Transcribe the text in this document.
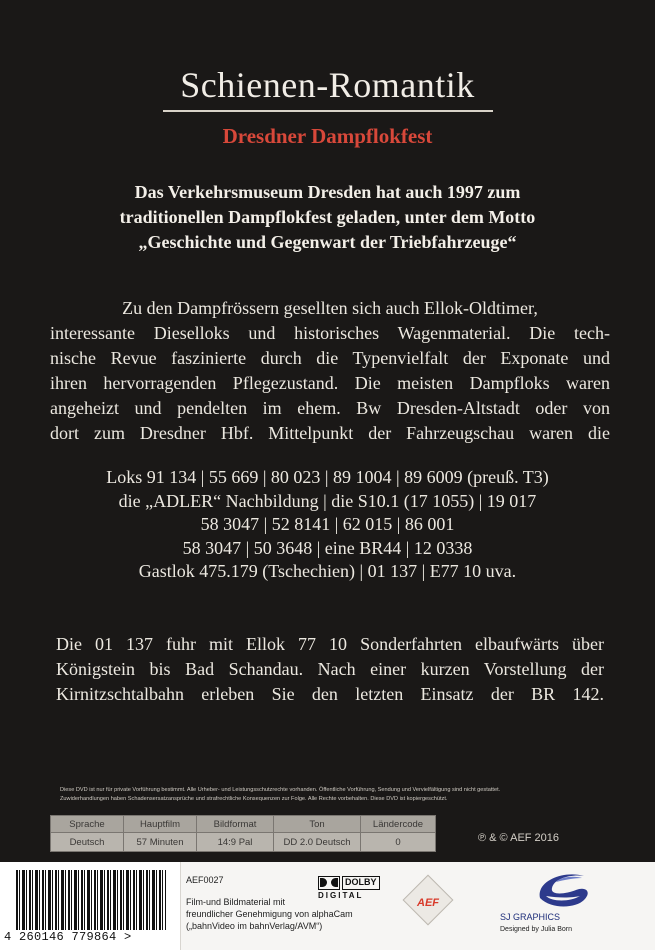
Schienen-Romantik
Dresdner Dampflokfest
Das Verkehrsmuseum Dresden hat auch 1997 zum
traditionellen Dampflokfest geladen, unter dem Motto
„Geschichte und Gegenwart der Triebfahrzeuge“
Zu den Dampfrössern gesellten sich auch Ellok-Oldtimer,
interessante Dieselloks und historisches Wagenmaterial. Die tech-
nische Revue faszinierte durch die Typenvielfalt der Exponate und
ihren hervorragenden Pflegezustand. Die meisten Dampfloks waren
angeheizt und pendelten im ehem. Bw Dresden-Altstadt oder von
dort zum Dresdner Hbf. Mittelpunkt der Fahrzeugschau waren die
Loks 91 134 | 55 669 | 80 023 | 89 1004 | 89 6009 (preuß. T3)
die „ADLER“ Nachbildung | die S10.1 (17 1055) | 19 017
58 3047 | 52 8141 | 62 015 | 86 001
58 3047 | 50 3648 | eine BR44 | 12 0338
Gastlok 475.179 (Tschechien) | 01 137 | E77 10 uva.
Die 01 137 fuhr mit Ellok 77 10 Sonderfahrten elbaufwärts über
Königstein bis Bad Schandau. Nach einer kurzen Vorstellung der
Kirnitzschtalbahn erleben Sie den letzten Einsatz der BR 142.
Diese DVD ist nur für private Vorführung bestimmt. Alle Urheber- und Leistungsschutzrechte vorhanden. Öffentliche Vorführung, Sendung und Vervielfältigung sind nicht gestattet.
Zuwiderhandlungen haben Schadensersatzansprüche und strafrechtliche Konsequenzen zur Folge. Alle Rechte vorbehalten. Diese DVD ist kopiergeschützt.
Sprache	Hauptfilm	Bildformat	Ton	Ländercode
Deutsch	57 Minuten	14:9 Pal	DD 2.0 Deutsch	0	℗ & © AEF 2016
4 260146 779864 >
AEF0027
Film-und Bildmaterial mit
freundlicher Genehmigung von alphaCam
(„bahnVideo im bahnVerlag/AVM“)
DOLBY
DIGITAL
AEF
SJ GRAPHICS
Designed by Julia Born
